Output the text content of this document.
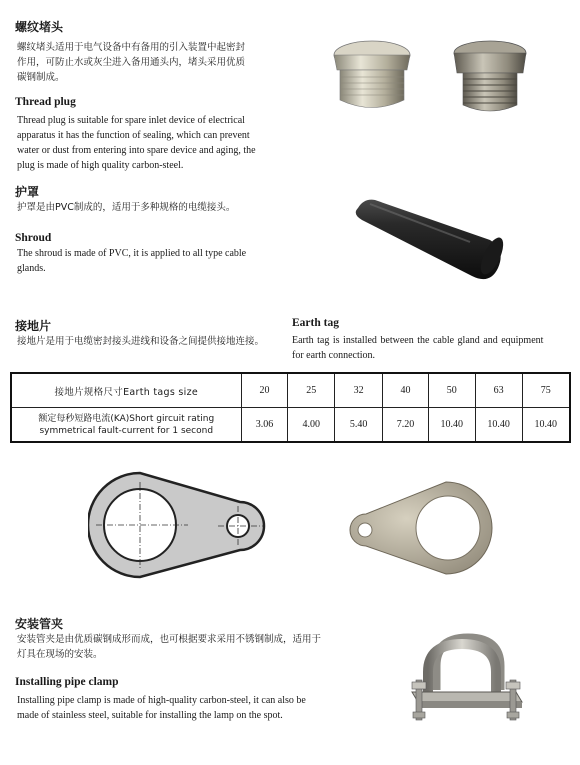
螺纹堵头
螺纹堵头适用于电气设备中有备用的引入装置中起密封
作用，可防止水或灰尘进入备用通头内，堵头采用优质
碳钢制成。
Thread plug
Thread plug is suitable for spare inlet device of electrical
apparatus it has the function of sealing, which can prevent
water or dust from entering into spare device and aging, the
plug is made of high quality carbon-steel.
护罩
护罩是由PVC制成的，适用于多种规格的电缆接头。
Shroud
The shroud is made of PVC, it is applied to all type cable
glands.
接地片
接地片是用于电缆密封接头进线和设备之间提供接地连接。
Earth tag
Earth tag is installed between the cable gland and equipment
for earth connection.
接地片规格尺寸Earth tags size	20	25	32	40	50	63	75

额定每秒短路电流(KA)Short gircuit rating
symmetrical fault-current for 1 second	3.06	4.00	5.40	7.20	10.40	10.40	10.40
安装管夹
安装管夹是由优质碳钢成形而成，也可根据要求采用不锈钢制成，适用于
灯具在现场的安装。
Installing pipe clamp
Installing pipe clamp is made of high-quality carbon-steel, it can also be
made of stainless steel, suitable for installing the lamp on the spot.
